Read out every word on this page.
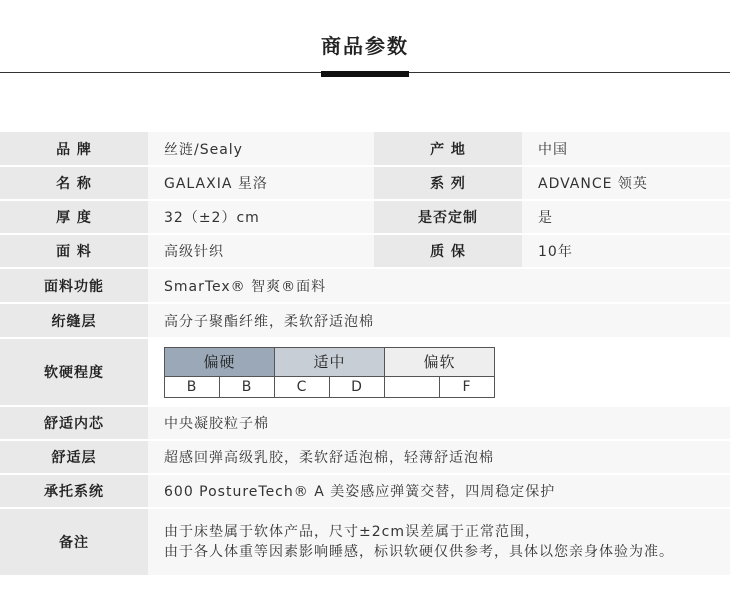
商品参数
品 牌	丝涟/Sealy	产 地	中国
名 称	GALAXIA 星洛	系 列	ADVANCE 领英
厚 度	32（±2）cm	是否定制	是
面 料	高级针织	质 保	10年
面料功能	SmarTex® 智爽®面料
绗缝层	高分子聚酯纤维，柔软舒适泡棉
软硬程度
偏硬		适中		偏软	
B	B	C	D	E	F
舒适内芯	中央凝胶粒子棉
舒适层	超感回弹高级乳胶，柔软舒适泡棉，轻薄舒适泡棉
承托系统	600 PostureTech® A 美姿感应弹簧交替，四周稳定保护
备注
由于床垫属于软体产品，尺寸±2cm误差属于正常范围，
由于各人体重等因素影响睡感，标识软硬仅供参考，具体以您亲身体验为准。
